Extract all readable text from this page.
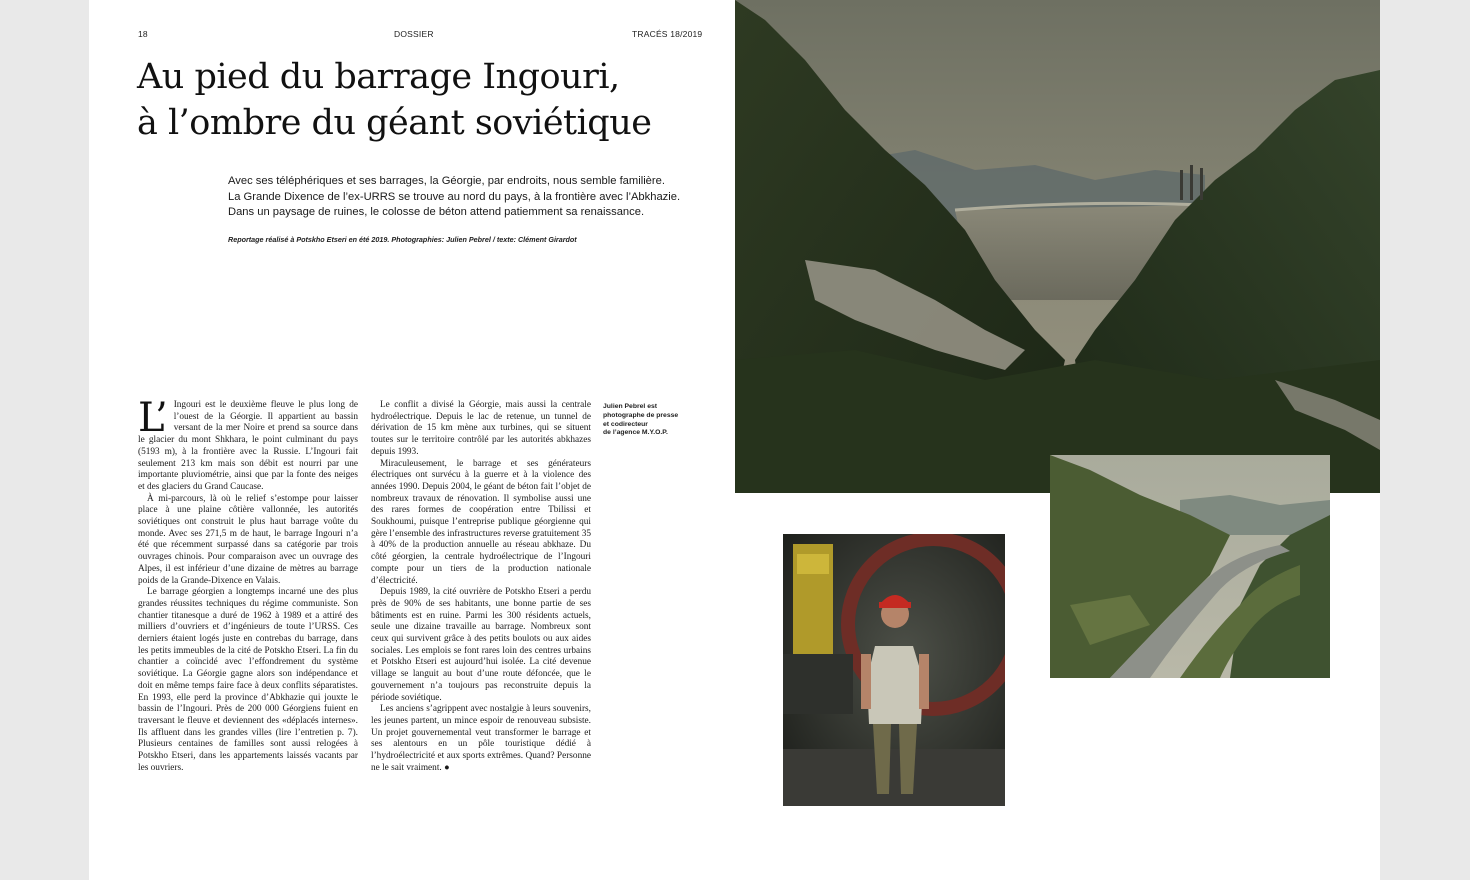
18	DOSSIER	TRACÉS 18/2019
Au pied du barrage Ingouri,
à l’ombre du géant soviétique
Avec ses téléphériques et ses barrages, la Géorgie, par endroits, nous semble familière.
La Grande Dixence de l’ex-URRS se trouve au nord du pays, à la frontière avec l’Abkhazie.
Dans un paysage de ruines, le colosse de béton attend patiemment sa renaissance.
Reportage réalisé à Potskho Etseri en été 2019. Photographies: Julien Pebrel / texte: Clément Girardot

L’ Ingouri est le deuxième fleuve le plus long de l’ouest de la Géorgie. Il appartient au bassin versant de la mer Noire et prend sa source dans le glacier du mont Shkhara, le point culminant du pays (5193 m), à la frontière avec la Russie. L’Ingouri fait seulement 213 km mais son débit est nourri par une importante pluviométrie, ainsi que par la fonte des neiges et des glaciers du Grand Caucase.

À mi-parcours, là où le relief s’estompe pour laisser place à une plaine côtière vallonnée, les autorités soviétiques ont construit le plus haut barrage voûte du monde. Avec ses 271,5 m de haut, le barrage Ingouri n’a été que récemment surpassé dans sa catégorie par trois ouvrages chinois. Pour comparaison avec un ouvrage des Alpes, il est inférieur d’une dizaine de mètres au barrage poids de la Grande-Dixence en Valais.

Le barrage géorgien a longtemps incarné une des plus grandes réussites techniques du régime communiste. Son chantier titanesque a duré de 1962 à 1989 et a attiré des milliers d’ouvriers et d’ingénieurs de toute l’URSS. Ces derniers étaient logés juste en contrebas du barrage, dans les petits immeubles de la cité de Potskho Etseri. La fin du chantier a coïncidé avec l’effondrement du système soviétique. La Géorgie gagne alors son indépendance et doit en même temps faire face à deux conflits séparatistes. En 1993, elle perd la province d’Abkhazie qui jouxte le bassin de l’Ingouri. Près de 200 000 Géorgiens fuient en traversant le fleuve et deviennent des «déplacés internes». Ils affluent dans les grandes villes (lire l’entretien p. 7). Plusieurs centaines de familles sont aussi relogées à Potskho Etseri, dans les appartements laissés vacants par les ouvriers.

Le conflit a divisé la Géorgie, mais aussi la centrale hydroélectrique. Depuis le lac de retenue, un tunnel de dérivation de 15 km mène aux turbines, qui se situent toutes sur le territoire contrôlé par les autorités abkhazes depuis 1993.

Miraculeusement, le barrage et ses générateurs électriques ont survécu à la guerre et à la violence des années 1990. Depuis 2004, le géant de béton fait l’objet de nombreux travaux de rénovation. Il symbolise aussi une des rares formes de coopération entre Tbilissi et Soukhoumi, puisque l’entreprise publique géorgienne qui gère l’ensemble des infrastructures reverse gratuitement 35 à 40% de la production annuelle au réseau abkhaze. Du côté géorgien, la centrale hydroélectrique de l’Ingouri compte pour un tiers de la production nationale d’électricité.

Depuis 1989, la cité ouvrière de Potskho Etseri a perdu près de 90% de ses habitants, une bonne partie de ses bâtiments est en ruine. Parmi les 300 résidents actuels, seule une dizaine travaille au barrage. Nombreux sont ceux qui survivent grâce à des petits boulots ou aux aides sociales. Les emplois se font rares loin des centres urbains et Potskho Etseri est aujourd’hui isolée. La cité devenue village se languit au bout d’une route défoncée, que le gouvernement n’a toujours pas reconstruite depuis la période soviétique.

Les anciens s’agrippent avec nostalgie à leurs souvenirs, les jeunes partent, un mince espoir de renouveau subsiste. Un projet gouvernemental veut transformer le barrage et ses alentours en un pôle touristique dédié à l’hydroélectricité et aux sports extrêmes. Quand? Personne ne le sait vraiment. ●

Julien Pebrel est
photographe de presse
et codirecteur
de l’agence M.Y.O.P.
